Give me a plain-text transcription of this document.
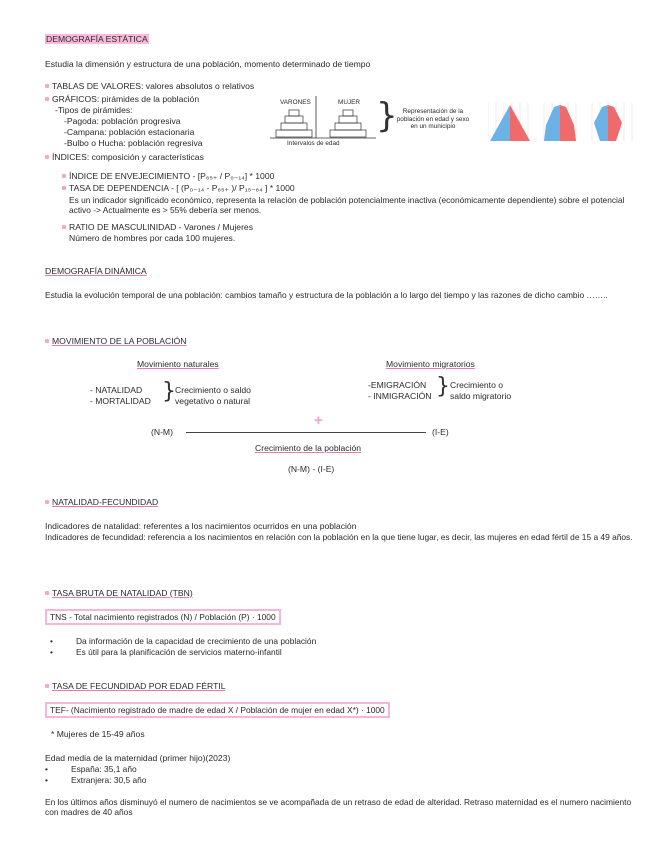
DEMOGRAFÍA ESTÁTICA
Estudia la dimensión y estructura de una población, momento determinado de tiempo
TABLAS DE VALORES: valores absolutos o relativos
GRÁFICOS: pirámides de la población
-Tipos de pirámides:
-Pagoda: población progresiva
-Campana: población estacionaria
-Bulbo o Hucha: población regresiva
ÍNDICES: composición y características
VARONES	MUJER
Intervalos de edad
} Representación de la población en edad y sexo en un municipio
ÍNDICE DE ENVEJECIMIENTO - [P₆₅₊ / P₀₋₁₄] * 1000
TASA DE DEPENDENCIA - [ (P₀₋₁₄ - P₆₅₊ )/ P₁₅₋₆₄ ] * 1000
Es un indicador significado económico, representa la relación de población potencialmente inactiva (económicamente dependiente) sobre el potencial activo -> Actualmente es > 55% debería ser menos.
RATIO DE MASCULINIDAD - Varones / Mujeres
Número de hombres por cada 100 mujeres.
DEMOGRAFÍA DINÁMICA
Estudia la evolución temporal de una población: cambios tamaño y estructura de la población a lo largo del tiempo y las razones de dicho cambio ……..
MOVIMIENTO DE LA POBLACIÓN
Movimiento naturales	Movimiento migratorios
- NATALIDAD
- MORTALIDAD } Crecimiento o saldo
vegetativo o natural
-EMIGRACIÓN
- INMIGRACIÓN } Crecimiento o
saldo migratorio
(N-M)
+
(I-E)
Crecimiento de la población
(N-M) - (I-E)
NATALIDAD-FECUNDIDAD
Indicadores de natalidad: referentes a los nacimientos ocurridos en una población
Indicadores de fecundidad: referencia a los nacimientos en relación con la población en la que tiene lugar, es decir, las mujeres en edad fértil de 15 a 49 años.
TASA BRUTA DE NATALIDAD (TBN)
TNS - Total nacimiento registrados (N) / Población (P) · 1000
• Da información de la capacidad de crecimiento de una población
• Es útil para la planificación de servicios materno-infantil
TASA DE FECUNDIDAD POR EDAD FÉRTIL
TEF- (Nacimiento registrado de madre de edad X / Población de mujer en edad X*) · 1000
* Mujeres de 15-49 años
Edad media de la maternidad (primer hijo)(2023)
• España: 35,1 año
• Extranjera: 30,5 año
En los últimos años disminuyó el numero de nacimientos se ve acompañada de un retraso de edad de alteridad. Retraso maternidad es el numero nacimiento con madres de 40 años
